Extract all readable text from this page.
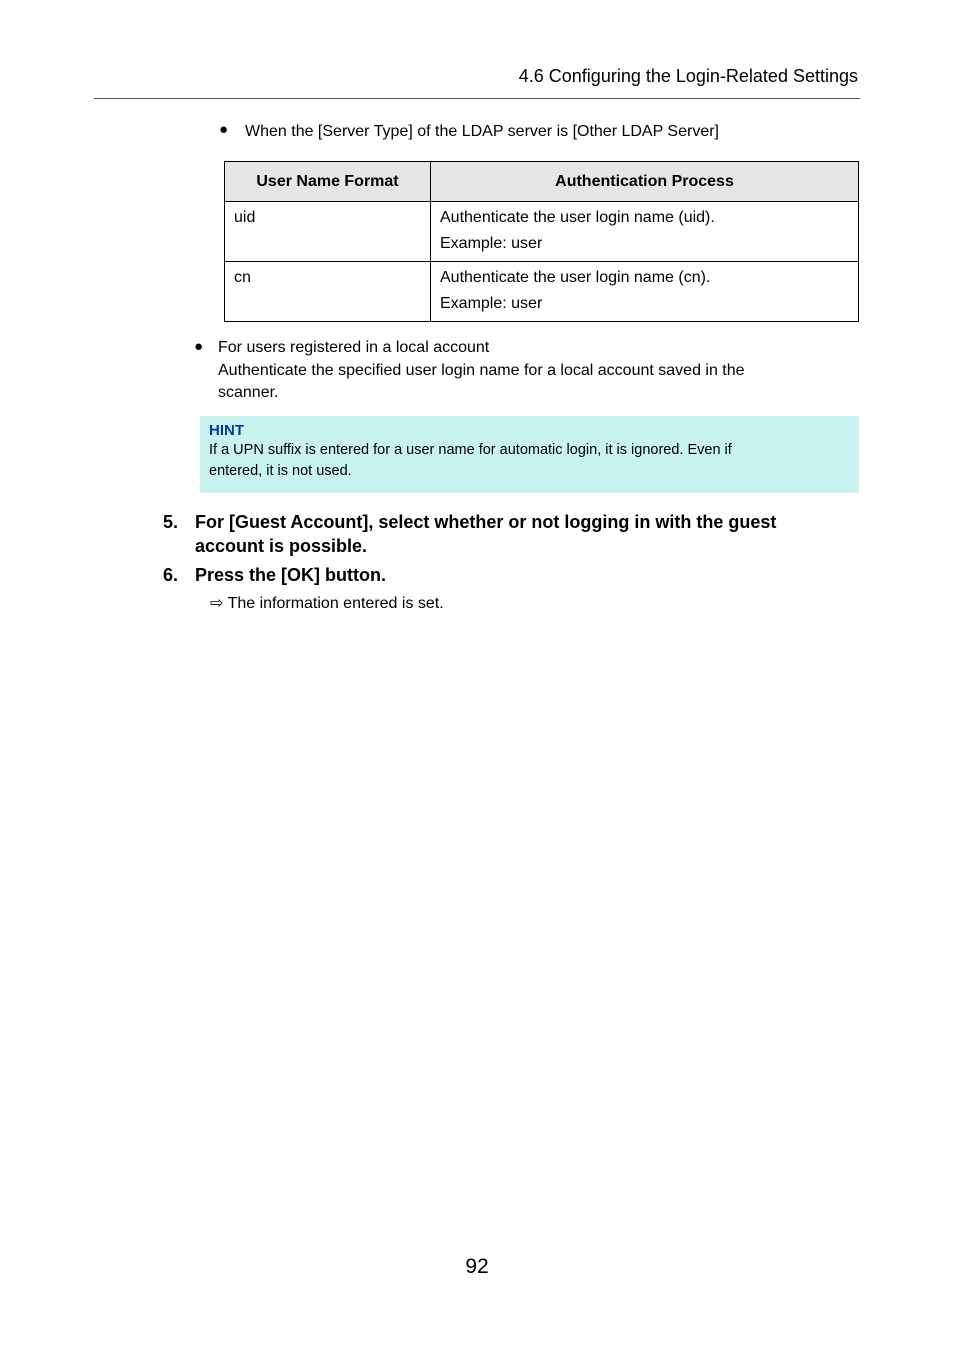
4.6 Configuring the Login-Related Settings
● When the [Server Type] of the LDAP server is [Other LDAP Server]
User Name Format	Authentication Process
uid	Authenticate the user login name (uid).
Example: user

cn	Authenticate the user login name (cn).
Example: user
● For users registered in a local account
Authenticate the specified user login name for a local account saved in the
scanner.
HINT
If a UPN suffix is entered for a user name for automatic login, it is ignored. Even if
entered, it is not used.
5. For [Guest Account], select whether or not logging in with the guest
account is possible.
6. Press the [OK] button.
⇨ The information entered is set.
92
